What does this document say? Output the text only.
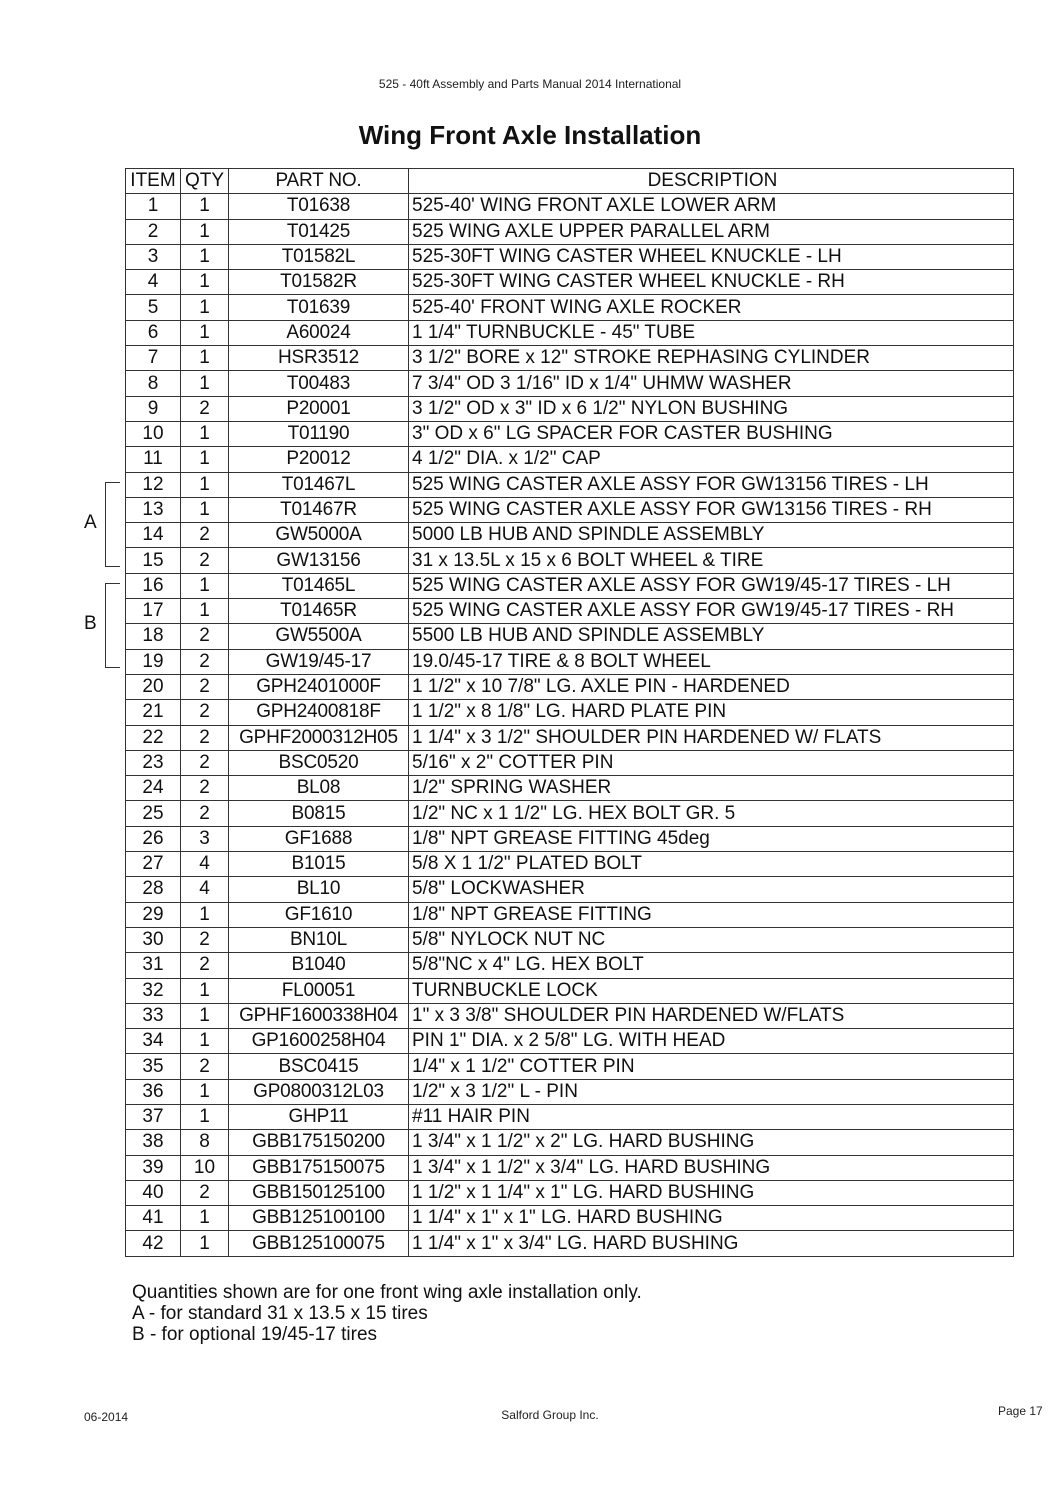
525 - 40ft Assembly and Parts Manual 2014 International
Wing Front Axle Installation
ITEM	QTY	PART NO.	DESCRIPTION
1	1	T01638	525-40' WING FRONT AXLE LOWER ARM
2	1	T01425	525 WING AXLE UPPER PARALLEL ARM
3	1	T01582L	525-30FT WING CASTER WHEEL KNUCKLE - LH
4	1	T01582R	525-30FT WING CASTER WHEEL KNUCKLE - RH
5	1	T01639	525-40' FRONT WING AXLE ROCKER
6	1	A60024	1 1/4" TURNBUCKLE - 45" TUBE
7	1	HSR3512	3 1/2" BORE x 12" STROKE REPHASING CYLINDER
8	1	T00483	7 3/4" OD 3 1/16" ID x 1/4" UHMW WASHER
9	2	P20001	3 1/2" OD x 3" ID x 6 1/2" NYLON BUSHING
10	1	T01190	3" OD x 6" LG SPACER FOR CASTER BUSHING
11	1	P20012	4 1/2" DIA. x 1/2" CAP
12	1	T01467L	525 WING CASTER AXLE ASSY FOR GW13156 TIRES - LH
13	1	T01467R	525 WING CASTER AXLE ASSY FOR GW13156 TIRES - RH
14	2	GW5000A	5000 LB HUB AND SPINDLE ASSEMBLY
15	2	GW13156	31 x 13.5L x 15 x 6 BOLT WHEEL & TIRE
16	1	T01465L	525 WING CASTER AXLE ASSY FOR GW19/45-17 TIRES - LH
17	1	T01465R	525 WING CASTER AXLE ASSY FOR GW19/45-17 TIRES - RH
18	2	GW5500A	5500 LB HUB AND SPINDLE ASSEMBLY
19	2	GW19/45-17	19.0/45-17 TIRE & 8 BOLT WHEEL
20	2	GPH2401000F	1 1/2" x 10 7/8" LG. AXLE PIN - HARDENED
21	2	GPH2400818F	1 1/2" x 8 1/8" LG. HARD PLATE PIN
22	2	GPHF2000312H05	1 1/4" x 3 1/2" SHOULDER PIN HARDENED W/ FLATS
23	2	BSC0520	5/16" x 2" COTTER PIN
24	2	BL08	1/2" SPRING WASHER
25	2	B0815	1/2" NC x 1 1/2" LG. HEX BOLT GR. 5
26	3	GF1688	1/8" NPT GREASE FITTING 45deg
27	4	B1015	5/8 X 1 1/2" PLATED BOLT
28	4	BL10	5/8" LOCKWASHER
29	1	GF1610	1/8" NPT GREASE FITTING
30	2	BN10L	5/8" NYLOCK NUT NC
31	2	B1040	5/8"NC x 4" LG. HEX BOLT
32	1	FL00051	TURNBUCKLE LOCK
33	1	GPHF1600338H04	1" x 3 3/8" SHOULDER PIN HARDENED W/FLATS
34	1	GP1600258H04	PIN 1" DIA. x 2 5/8" LG. WITH HEAD
35	2	BSC0415	1/4" x 1 1/2" COTTER PIN
36	1	GP0800312L03	1/2" x 3 1/2" L - PIN
37	1	GHP11	#11 HAIR PIN
38	8	GBB175150200	1 3/4" x 1 1/2" x 2" LG. HARD BUSHING
39	10	GBB175150075	1 3/4" x 1 1/2" x 3/4" LG. HARD BUSHING
40	2	GBB150125100	1 1/2" x 1 1/4" x 1" LG. HARD BUSHING
41	1	GBB125100100	1 1/4" x 1" x 1" LG. HARD BUSHING
42	1	GBB125100075	1 1/4" x 1" x 3/4" LG. HARD BUSHING
A
B
Quantities shown are for one front wing axle installation only.
A - for standard 31 x 13.5 x 15 tires
B - for optional 19/45-17 tires
06-2014	Salford Group Inc.	Page 17
